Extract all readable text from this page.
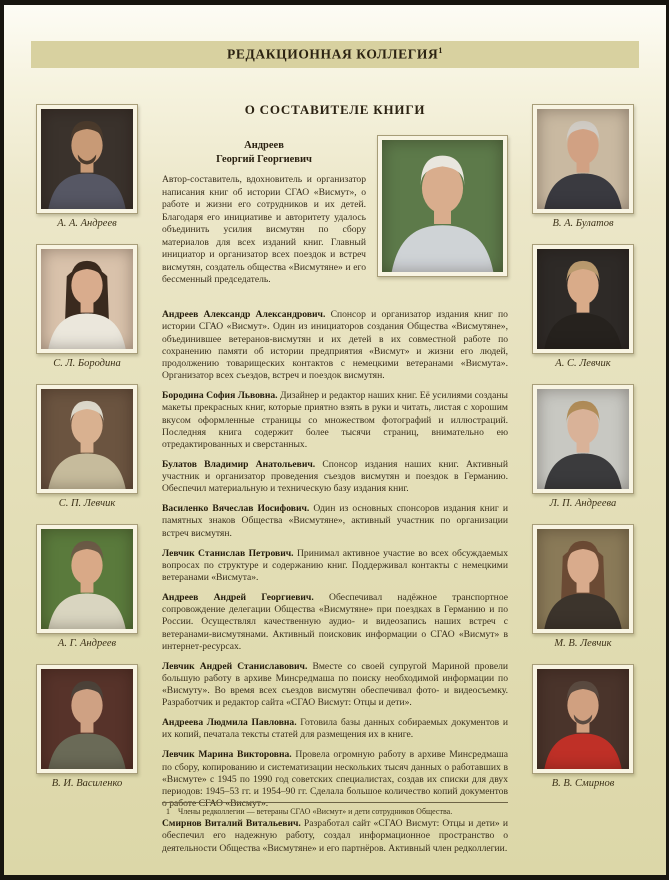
РЕДАКЦИОННАЯ КОЛЛЕГИЯ$^1$
О СОСТАВИТЕЛЕ КНИГИ
А. А. Андреев
С. Л. Бородина
С. П. Левчик
А. Г. Андреев
В. И. Василенко
В. А. Булатов
А. С. Левчик
Л. П. Андреева
М. В. Левчик
В. В. Смирнов
Андреев
Георгий Георгиевич
Автор-составитель, вдохновитель и организатор написания книг об истории СГАО «Висмут», о работе и жизни его сотрудников и их детей. Благодаря его инициативе и авторитету удалось объединить усилия висмутян по сбору материалов для всех изданий книг. Главный инициатор и организатор всех поездок и встреч висмутян, создатель общества «Висмутяне» и его бессменный председатель.

Андреев Александр Александрович. Спонсор и организатор издания книг по истории СГАО «Висмут». Один из инициаторов создания Общества «Висмутяне», объединившее ветеранов-висмутян и их детей в их совместной работе по сохранению памяти об истории предприятия «Висмут» и жизни его людей, продолжению товарищеских контактов с немецкими ветеранами «Висмута». Организатор всех съездов, встреч и поездок висмутян.

Бородина София Львовна. Дизайнер и редактор наших книг. Её усилиями созданы макеты прекрасных книг, которые приятно взять в руки и читать, листая с хорошим вкусом оформленные страницы со множеством фотографий и иллюстраций. Последняя книга содержит более тысячи страниц, внимательно ею отредактированных и сверстанных.

Булатов Владимир Анатольевич. Спонсор издания наших книг. Активный участник и организатор проведения съездов висмутян и поездок в Германию. Обеспечил материальную и техническую базу издания книг.

Василенко Вячеслав Иосифович. Один из основных спонсоров издания книг и памятных знаков Общества «Висмутяне», активный участник по организации встреч висмутян.

Левчик Станислав Петрович. Принимал активное участие во всех обсуждаемых вопросах по структуре и содержанию книг. Поддерживал контакты с немецкими ветеранами «Висмута».

Андреев Андрей Георгиевич. Обеспечивал надёжное транспортное сопровождение делегации Общества «Висмутяне» при поездках в Германию и по России. Осуществлял качественную аудио- и видеозапись наших встреч с ветеранами-висмутянами. Активный поисковик информации о СГАО «Висмут» в интернет-ресурсах.

Левчик Андрей Станиславович. Вместе со своей супругой Мариной провели большую работу в архиве Минсредмаша по поиску необходимой информации по «Висмуту». Во время всех съездов висмутян обеспечивал фото- и видеосъемку. Разработчик и редактор сайта «СГАО Висмут: Отцы и дети».

Андреева Людмила Павловна. Готовила базы данных собираемых документов и их копий, печатала тексты статей для размещения их в книге.

Левчик Марина Викторовна. Провела огромную работу в архиве Минсредмаша по сбору, копированию и систематизации нескольких тысяч данных о работавших в «Висмуте» с 1945 по 1990 год советских специалистах, создав их списки для двух периодов: 1945–53 гг. и 1954–90 гг. Сделала большое количество копий документов о работе СГАО «Висмут».

Смирнов Виталий Витальевич. Разработал сайт «СГАО Висмут: Отцы и дети» и обеспечил его надежную работу, создал информационное пространство о деятельности Общества «Висмутяне» и его партнёров. Активный член редколлегии.

1 Члены редколлегии — ветераны СГАО «Висмут» и дети сотрудников Общества.
